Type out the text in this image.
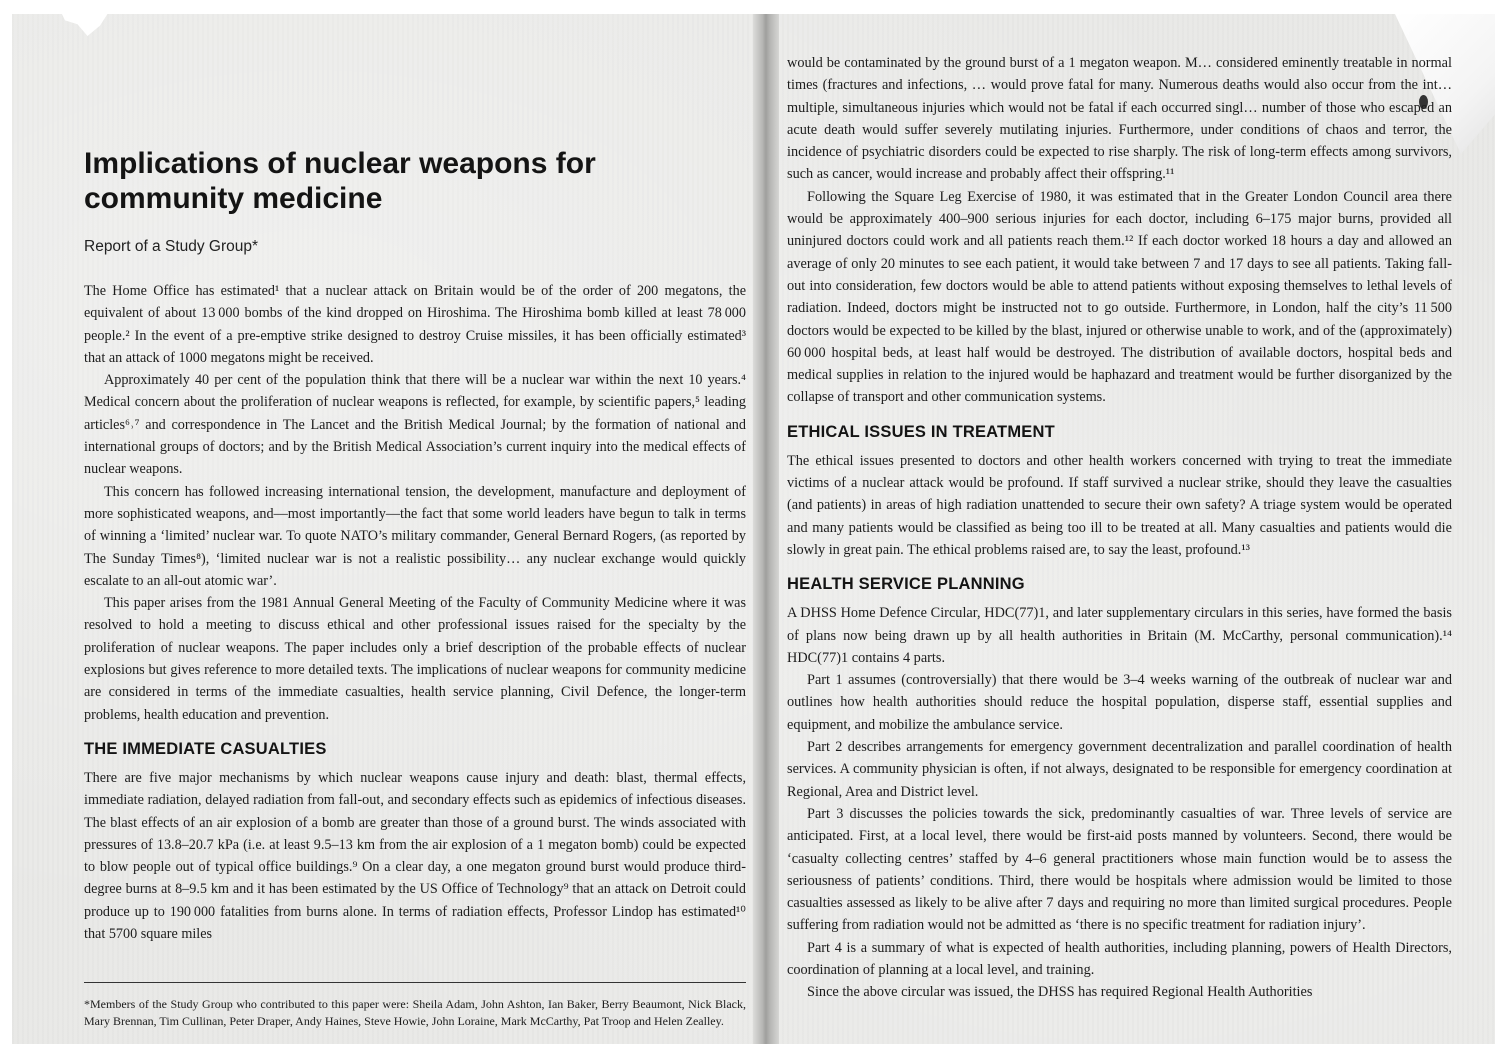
Implications of nuclear weapons for community medicine
Report of a Study Group*

The Home Office has estimated¹ that a nuclear attack on Britain would be of the order of 200 megatons, the equivalent of about 13 000 bombs of the kind dropped on Hiroshima. The Hiroshima bomb killed at least 78 000 people.² In the event of a pre-emptive strike designed to destroy Cruise missiles, it has been officially estimated³ that an attack of 1000 megatons might be received.

Approximately 40 per cent of the population think that there will be a nuclear war within the next 10 years.⁴ Medical concern about the proliferation of nuclear weapons is reflected, for example, by scientific papers,⁵ leading articles⁶˒⁷ and correspondence in The Lancet and the British Medical Journal; by the formation of national and international groups of doctors; and by the British Medical Association’s current inquiry into the medical effects of nuclear weapons.

This concern has followed increasing international tension, the development, manufacture and deployment of more sophisticated weapons, and—most importantly—the fact that some world leaders have begun to talk in terms of winning a ‘limited’ nuclear war. To quote NATO’s military commander, General Bernard Rogers, (as reported by The Sunday Times⁸), ‘limited nuclear war is not a realistic possibility… any nuclear exchange would quickly escalate to an all-out atomic war’.

This paper arises from the 1981 Annual General Meeting of the Faculty of Community Medicine where it was resolved to hold a meeting to discuss ethical and other professional issues raised for the specialty by the proliferation of nuclear weapons. The paper includes only a brief description of the probable effects of nuclear explosions but gives reference to more detailed texts. The implications of nuclear weapons for community medicine are considered in terms of the immediate casualties, health service planning, Civil Defence, the longer-term problems, health education and prevention.

THE IMMEDIATE CASUALTIES

There are five major mechanisms by which nuclear weapons cause injury and death: blast, thermal effects, immediate radiation, delayed radiation from fall-out, and secondary effects such as epidemics of infectious diseases. The blast effects of an air explosion of a bomb are greater than those of a ground burst. The winds associated with pressures of 13.8–20.7 kPa (i.e. at least 9.5–13 km from the air explosion of a 1 megaton bomb) could be expected to blow people out of typical office buildings.⁹ On a clear day, a one megaton ground burst would produce third-degree burns at 8–9.5 km and it has been estimated by the US Office of Technology⁹ that an attack on Detroit could produce up to 190 000 fatalities from burns alone. In terms of radiation effects, Professor Lindop has estimated¹⁰ that 5700 square miles

*Members of the Study Group who contributed to this paper were: Sheila Adam, John Ashton, Ian Baker, Berry Beaumont, Nick Black, Mary Brennan, Tim Cullinan, Peter Draper, Andy Haines, Steve Howie, John Loraine, Mark McCarthy, Pat Troop and Helen Zealley.

would be contaminated by the ground burst of a 1 megaton weapon. M… considered eminently treatable in normal times (fractures and infections, … would prove fatal for many. Numerous deaths would also occur from the int… multiple, simultaneous injuries which would not be fatal if each occurred singl… number of those who escaped an acute death would suffer severely mutilating injuries. Furthermore, under conditions of chaos and terror, the incidence of psychiatric disorders could be expected to rise sharply. The risk of long-term effects among survivors, such as cancer, would increase and probably affect their offspring.¹¹

Following the Square Leg Exercise of 1980, it was estimated that in the Greater London Council area there would be approximately 400–900 serious injuries for each doctor, including 6–175 major burns, provided all uninjured doctors could work and all patients reach them.¹² If each doctor worked 18 hours a day and allowed an average of only 20 minutes to see each patient, it would take between 7 and 17 days to see all patients. Taking fall-out into consideration, few doctors would be able to attend patients without exposing themselves to lethal levels of radiation. Indeed, doctors might be instructed not to go outside. Furthermore, in London, half the city’s 11 500 doctors would be expected to be killed by the blast, injured or otherwise unable to work, and of the (approximately) 60 000 hospital beds, at least half would be destroyed. The distribution of available doctors, hospital beds and medical supplies in relation to the injured would be haphazard and treatment would be further disorganized by the collapse of transport and other communication systems.

ETHICAL ISSUES IN TREATMENT

The ethical issues presented to doctors and other health workers concerned with trying to treat the immediate victims of a nuclear attack would be profound. If staff survived a nuclear strike, should they leave the casualties (and patients) in areas of high radiation unattended to secure their own safety? A triage system would be operated and many patients would be classified as being too ill to be treated at all. Many casualties and patients would die slowly in great pain. The ethical problems raised are, to say the least, profound.¹³

HEALTH SERVICE PLANNING

A DHSS Home Defence Circular, HDC(77)1, and later supplementary circulars in this series, have formed the basis of plans now being drawn up by all health authorities in Britain (M. McCarthy, personal communication).¹⁴ HDC(77)1 contains 4 parts.

Part 1 assumes (controversially) that there would be 3–4 weeks warning of the outbreak of nuclear war and outlines how health authorities should reduce the hospital population, disperse staff, essential supplies and equipment, and mobilize the ambulance service.

Part 2 describes arrangements for emergency government decentralization and parallel coordination of health services. A community physician is often, if not always, designated to be responsible for emergency coordination at Regional, Area and District level.

Part 3 discusses the policies towards the sick, predominantly casualties of war. Three levels of service are anticipated. First, at a local level, there would be first-aid posts manned by volunteers. Second, there would be ‘casualty collecting centres’ staffed by 4–6 general practitioners whose main function would be to assess the seriousness of patients’ conditions. Third, there would be hospitals where admission would be limited to those casualties assessed as likely to be alive after 7 days and requiring no more than limited surgical procedures. People suffering from radiation would not be admitted as ‘there is no specific treatment for radiation injury’.

Part 4 is a summary of what is expected of health authorities, including planning, powers of Health Directors, coordination of planning at a local level, and training.

Since the above circular was issued, the DHSS has required Regional Health Authorities
